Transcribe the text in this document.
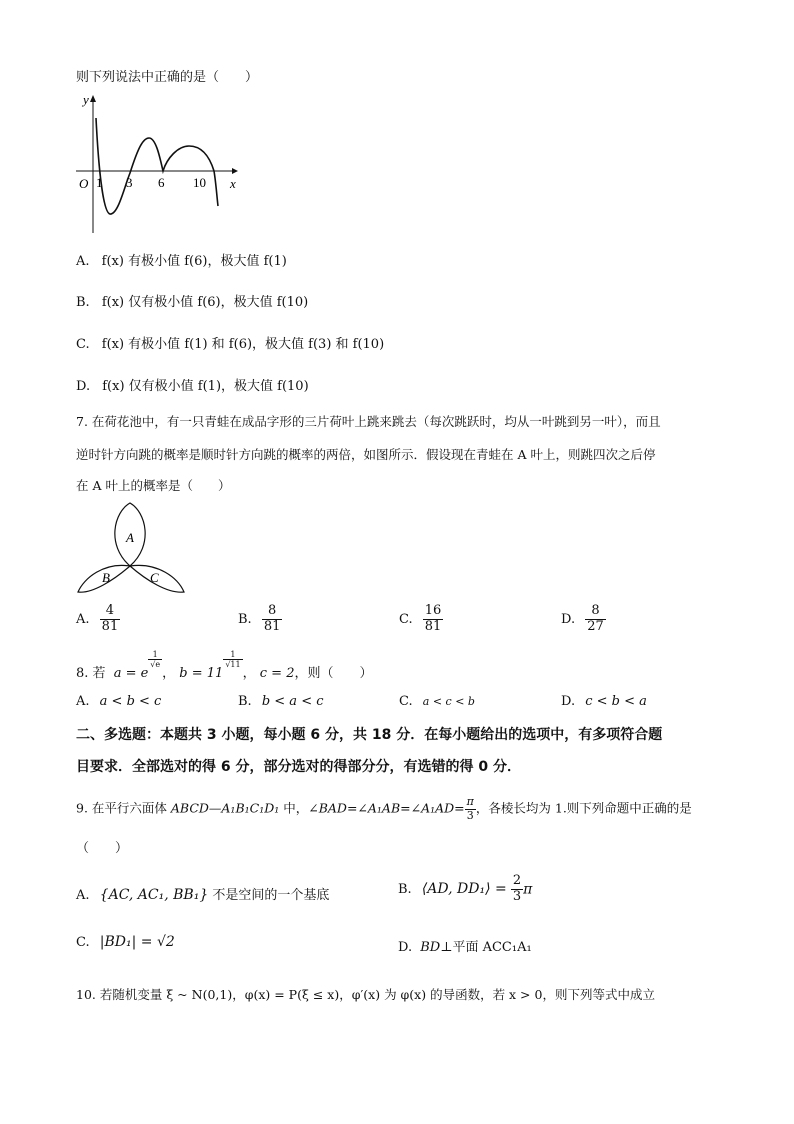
则下列说法中正确的是（　　）
y
O	x
1 3 6 10
A. f(x) 有极小值 f(6)，极大值 f(1)
B. f(x) 仅有极小值 f(6)，极大值 f(10)
C. f(x) 有极小值 f(1) 和 f(6)，极大值 f(3) 和 f(10)
D. f(x) 仅有极小值 f(1)，极大值 f(10)
7. 在荷花池中，有一只青蛙在成品字形的三片荷叶上跳来跳去（每次跳跃时，均从一叶跳到另一叶），而且
逆时针方向跳的概率是顺时针方向跳的概率的两倍，如图所示．假设现在青蛙在 A 叶上，则跳四次之后停
在 A 叶上的概率是（　　）
A
B	C
A. $\frac{4}{81}$	B. $\frac{8}{81}$	C. $\frac{16}{81}$	D. $\frac{8}{27}$
8. 若 a = e
$\frac{1}{√e}$
， b = 11
$\frac{1}{√11}$
， c = 2，则（　　）
A. a < b < c	B. b < a < c	C. a < c < b	D. c < b < a
二、多选题：本题共 3 小题，每小题 6 分，共 18 分．在每小题给出的选项中，有多项符合题
目要求．全部选对的得 6 分，部分选对的得部分分，有选错的得 0 分．
9. 在平行六面体 ABCD—A₁B₁C₁D₁ 中，∠BAD=∠A₁AB=∠A₁AD= $\frac{\pi}{3}$ ，各棱长均为 1.则下列命题中正确的是
（　　）
A. {AC, AC₁, BB₁} 不是空间的一个基底	B. ⟨AD, DD₁⟩ = $\frac{2}{3}$ π
C. |BD₁| = √2	D. BD⊥平面 ACC₁A₁
10. 若随机变量 ξ ~ N(0,1)，φ(x) = P(ξ ≤ x)，φ′(x) 为 φ(x) 的导函数，若 x > 0，则下列等式中成立
